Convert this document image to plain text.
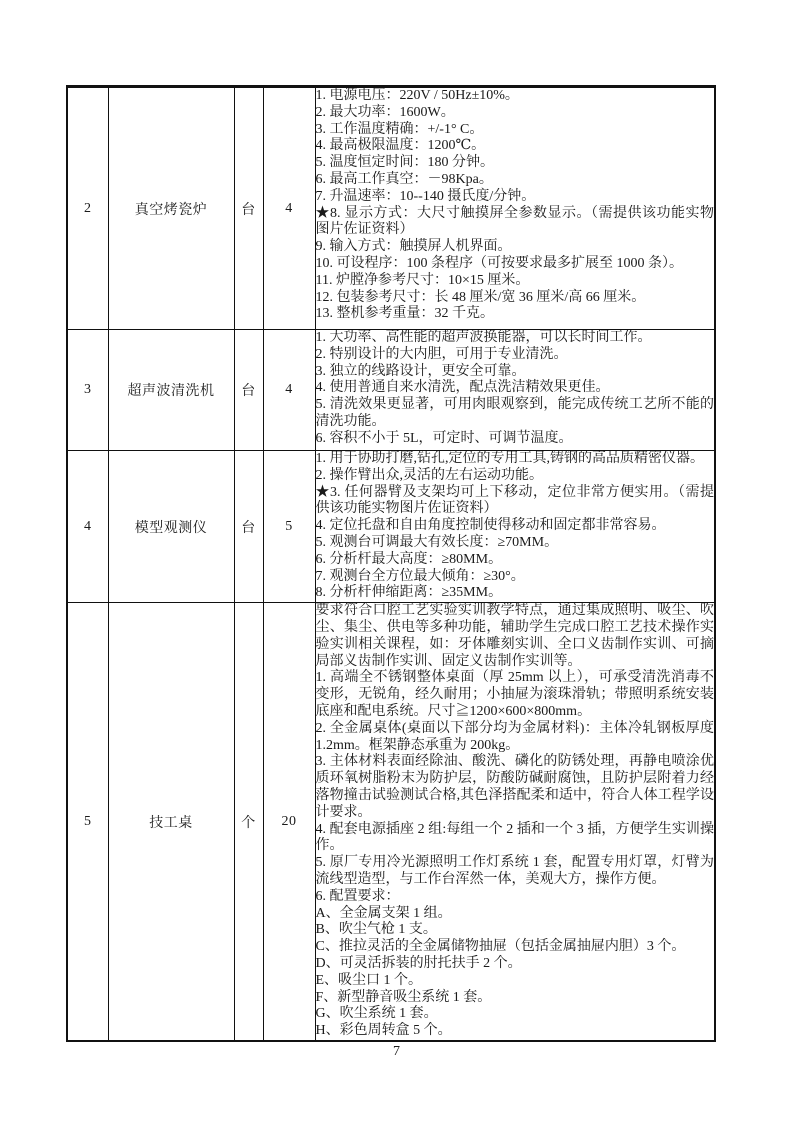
2	真空烤瓷炉	台	4	
1. 电源电压：220V / 50Hz±10%。
2. 最大功率：1600W。
3. 工作温度精确：+/-1° C。
4. 最高极限温度：1200℃。
5. 温度恒定时间：180 分钟。
6. 最高工作真空：－98Kpa。
7. 升温速率：10--140 摄氏度/分钟。
★8. 显示方式：大尺寸触摸屏全参数显示。（需提供该功能实物图片佐证资料）
9. 输入方式：触摸屏人机界面。
10. 可设程序：100 条程序（可按要求最多扩展至 1000 条）。
11. 炉膛净参考尺寸：10×15 厘米。
12. 包装参考尺寸：长 48 厘米/宽 36 厘米/高 66 厘米。
13. 整机参考重量：32 千克。

3	超声波清洗机	台	4	
1. 大功率、高性能的超声波换能器，可以长时间工作。
2. 特别设计的大内胆，可用于专业清洗。
3. 独立的线路设计，更安全可靠。
4. 使用普通自来水清洗，配点洗洁精效果更佳。
5. 清洗效果更显著，可用肉眼观察到，能完成传统工艺所不能的清洗功能。
6. 容积不小于 5L，可定时、可调节温度。

4	模型观测仪	台	5	
1. 用于协助打磨,钻孔,定位的专用工具,铸钢的高品质精密仪器。
2. 操作臂出众,灵活的左右运动功能。
★3. 任何器臂及支架均可上下移动，定位非常方便实用。（需提供该功能实物图片佐证资料）
4. 定位托盘和自由角度控制使得移动和固定都非常容易。
5. 观测台可调最大有效长度：≥70MM。
6. 分析杆最大高度：≥80MM。
7. 观测台全方位最大倾角：≥30°。
8. 分析杆伸缩距离：≥35MM。

5	技工桌	个	20	
要求符合口腔工艺实验实训教学特点，通过集成照明、吸尘、吹尘、集尘、供电等多种功能，辅助学生完成口腔工艺技术操作实验实训相关课程，如：牙体雕刻实训、全口义齿制作实训、可摘局部义齿制作实训、固定义齿制作实训等。
1. 高端全不锈钢整体桌面（厚 25mm 以上），可承受清洗消毒不变形，无锐角，经久耐用；小抽屉为滚珠滑轨；带照明系统安装底座和配电系统。尺寸≧1200×600×800mm。
2. 全金属桌体(桌面以下部分均为金属材料)：主体冷轧钢板厚度 1.2mm。框架静态承重为 200kg。
3. 主体材料表面经除油、酸洗、磷化的防锈处理，再静电喷涂优质环氧树脂粉末为防护层，防酸防碱耐腐蚀，且防护层附着力经落物撞击试验测试合格,其色泽搭配柔和适中，符合人体工程学设计要求。
4. 配套电源插座 2 组:每组一个 2 插和一个 3 插，方便学生实训操作。
5. 原厂专用冷光源照明工作灯系统 1 套，配置专用灯罩，灯臂为流线型造型，与工作台浑然一体，美观大方，操作方便。
6. 配置要求：
A、全金属支架 1 组。
B、吹尘气枪 1 支。
C、推拉灵活的全金属储物抽屉（包括金属抽屉内胆）3 个。
D、可灵活拆装的肘托扶手 2 个。
E、吸尘口 1 个。
F、新型静音吸尘系统 1 套。
G、吹尘系统 1 套。
H、彩色周转盒 5 个。
7
